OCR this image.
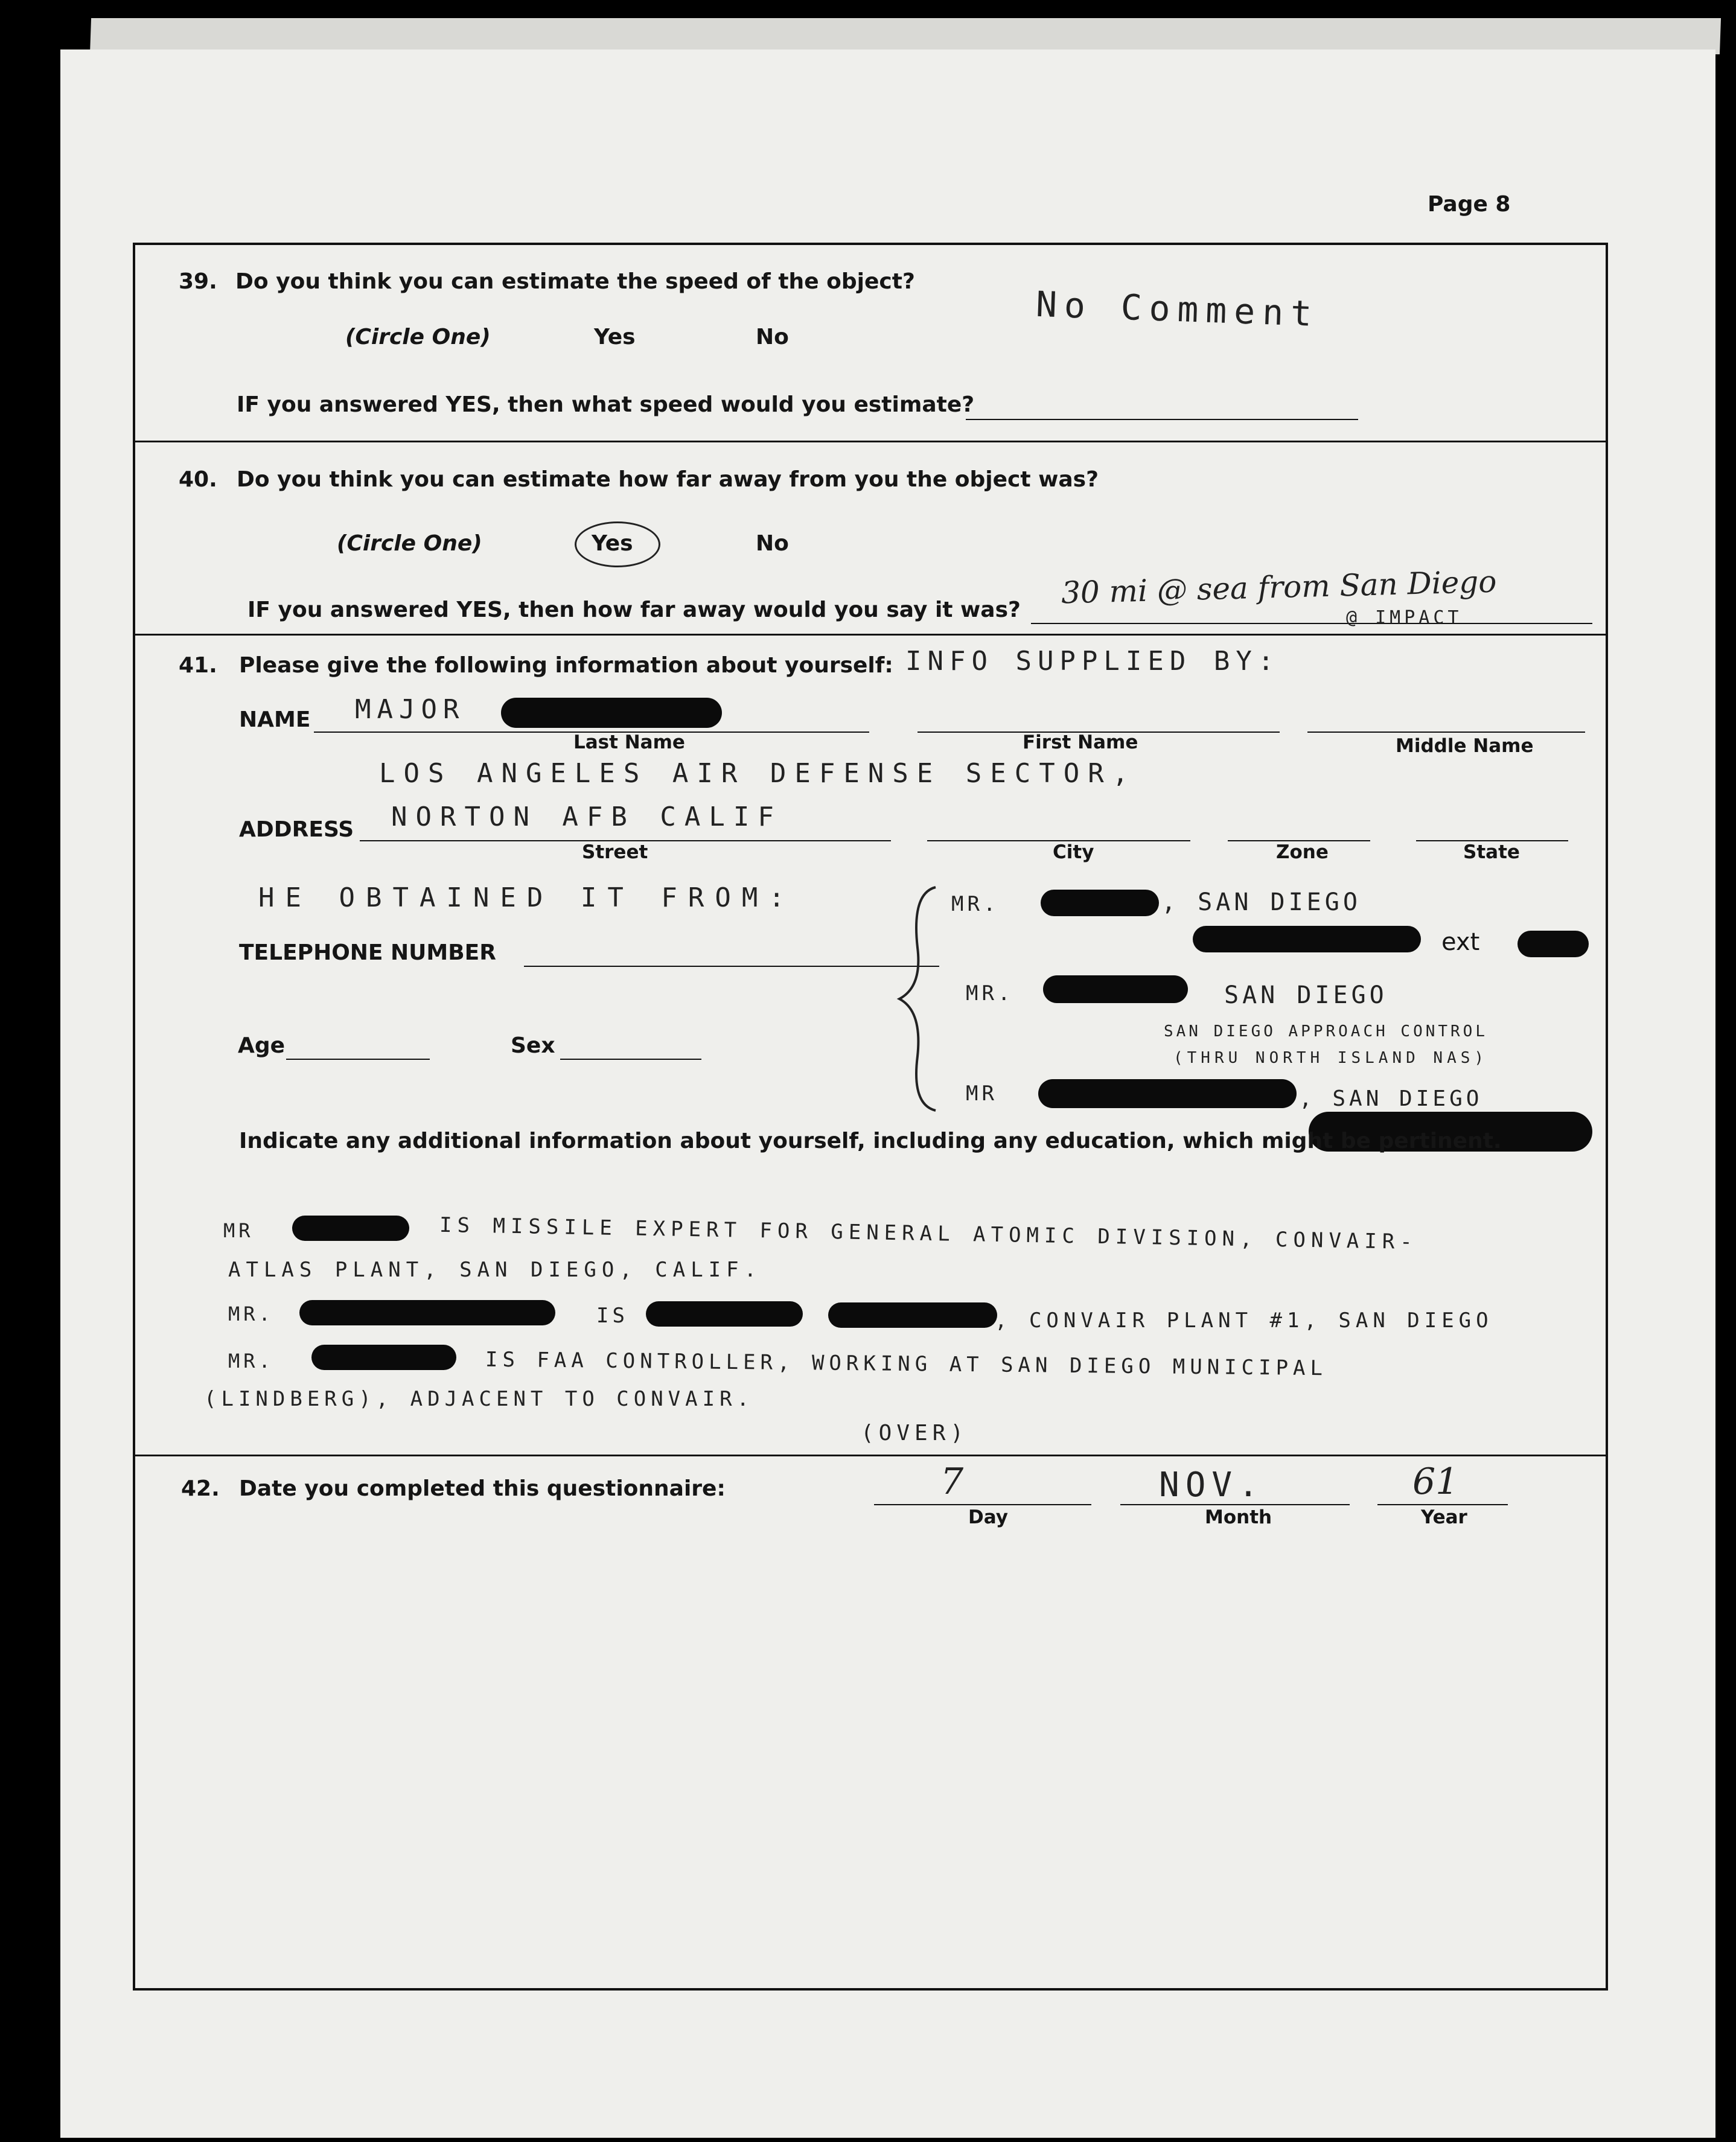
Page 8
39. Do you think you can estimate the speed of the object?
(Circle One)	Yes	No
IF you answered YES, then what speed would you estimate?
No Comment
40. Do you think you can estimate how far away from you the object was?
(Circle One)	Yes	No
IF you answered YES, then how far away would you say it was? 30 mi @ sea from San Diego
@ IMPACT
41. Please give the following information about yourself: INFO SUPPLIED BY:
NAME MAJOR
Last Name	First Name	Middle Name
LOS ANGELES AIR DEFENSE SECTOR,
ADDRESS NORTON AFB CALIF
Street	City	Zone	State
HE OBTAINED IT FROM:
TELEPHONE NUMBER
MR.	, SAN DIEGO
ext
MR.	SAN DIEGO
SAN DIEGO APPROACH CONTROL
(THRU NORTH ISLAND NAS)
MR	, SAN DIEGO
Age	Sex
Indicate any additional information about yourself, including any education, which might be pertinent.
MR	IS MISSILE EXPERT FOR GENERAL ATOMIC DIVISION, CONVAIR-
ATLAS PLANT, SAN DIEGO, CALIF.
MR.	IS	, CONVAIR PLANT #1, SAN DIEGO
MR.	IS FAA CONTROLLER, WORKING AT SAN DIEGO MUNICIPAL
(LINDBERG), ADJACENT TO CONVAIR.
(OVER)
42. Date you completed this questionnaire:	7	NOV.	61
Day	Month	Year
